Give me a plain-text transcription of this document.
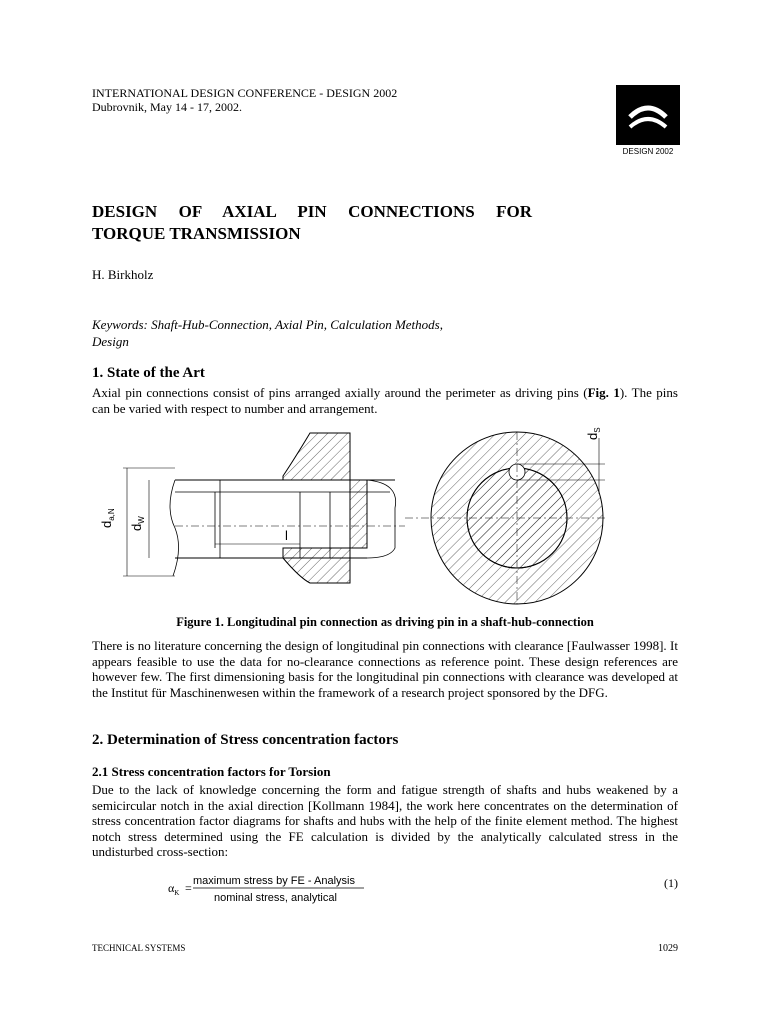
INTERNATIONAL DESIGN CONFERENCE - DESIGN 2002
Dubrovnik, May 14 - 17, 2002.
DESIGN 2002
DESIGN OF AXIAL PIN CONNECTIONS FOR
TORQUE TRANSMISSION
H. Birkholz
Keywords: Shaft-Hub-Connection, Axial Pin, Calculation Methods,
Design
1. State of the Art
Axial pin connections consist of pins arranged axially around the perimeter as driving pins (Fig. 1). The pins can be varied with respect to number and arrangement.
$d_{a,N}$
$d_W$
l
$d_S$
Figure 1. Longitudinal pin connection as driving pin in a shaft-hub-connection
There is no literature concerning the design of longitudinal pin connections with clearance [Faulwasser 1998]. It appears feasible to use the data for no-clearance connections as reference point. These design references are however few. The first dimensioning basis for the longitudinal pin connections with clearance was developed at the Institut für Maschinenwesen within the framework of a research project sponsored by the DFG.
2. Determination of Stress concentration factors
2.1 Stress concentration factors for Torsion
Due to the lack of knowledge concerning the form and fatigue strength of shafts and hubs weakened by a semicircular notch in the axial direction [Kollmann 1984], the work here concentrates on the determination of stress concentration factor diagrams for shafts and hubs with the help of the finite element method. The highest notch stress determined using the FE calculation is divided by the analytically calculated stress in the undisturbed cross-section:
$\alpha_K$ = maximum stress by FE - Analysis
nominal stress, analytical
(1)
TECHNICAL SYSTEMS	1029
